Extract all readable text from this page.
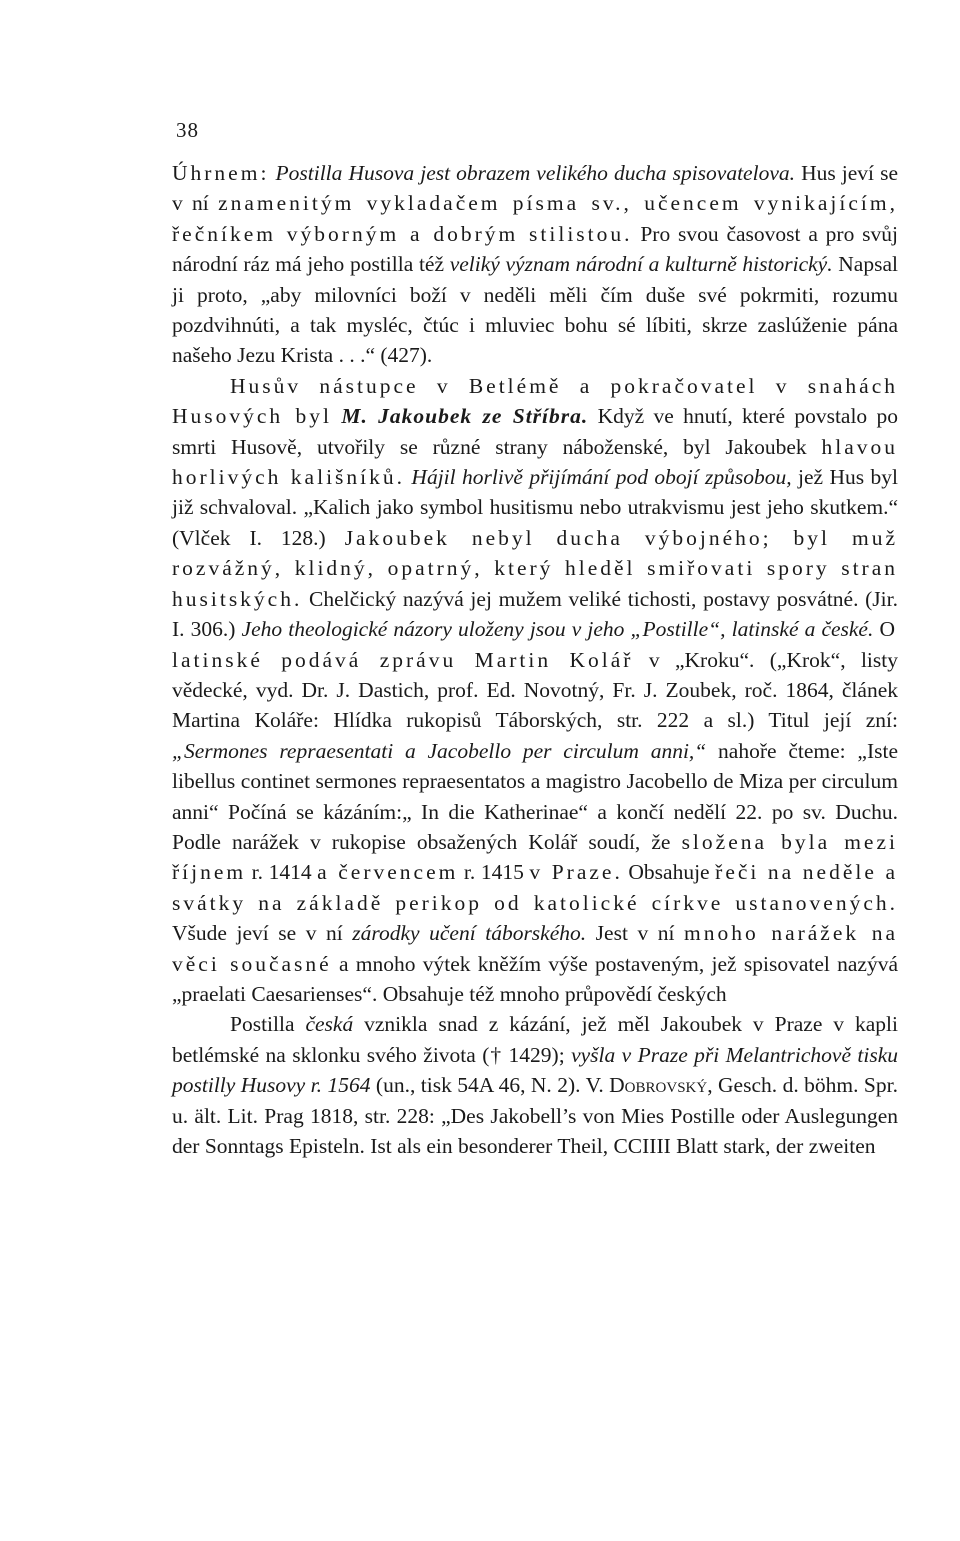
38

Úhrnem: Postilla Husova jest obrazem velikého ducha spisovatelova. Hus jeví se v ní znamenitým vykladačem písma sv., učencem vynikajícím, řečníkem výborným a dobrým stilistou. Pro svou časovost a pro svůj národní ráz má jeho postilla též veliký význam národní a kulturně historický. Napsal ji proto, „aby milovníci boží v neděli měli čím duše své pokrmiti, rozumu pozdvihnúti, a tak mysléc, čtúc i mluviec bohu sé líbiti, skrze zaslúženie pána našeho Jezu Krista . . .“ (427).

Husův nástupce v Betlémě a pokračovatel v snahách Husových byl M. Jakoubek ze Stříbra. Když ve hnutí, které povstalo po smrti Husově, utvořily se různé strany náboženské, byl Jakoubek hlavou horlivých kališníků. Hájil horlivě přijímání pod obojí způsobou, jež Hus byl již schvaloval. „Kalich jako symbol husitismu nebo utrakvismu jest jeho skutkem.“ (Vlček I. 128.) Jakoubek nebyl ducha výbojného; byl muž rozvážný, klidný, opatrný, který hleděl smiřovati spory stran husitských. Chelčický nazývá jej mužem veliké tichosti, postavy posvátné. (Jir. I. 306.) Jeho theologické názory uloženy jsou v jeho „Postille“, latinské a české. O latinské podává zprávu Martin Kolář v „Kroku“. („Krok“, listy vědecké, vyd. Dr. J. Dastich, prof. Ed. Novotný, Fr. J. Zoubek, roč. 1864, článek Martina Koláře: Hlídka rukopisů Táborských, str. 222 a sl.) Titul její zní: „Sermones repraesentati a Jacobello per circulum anni,“ nahoře čteme: „Iste libellus continet sermones repraesentatos a magistro Jacobello de Miza per circulum anni“ Počíná se kázáním:„ In die Katherinae“ a končí nedělí 22. po sv. Duchu. Podle narážek v rukopise obsažených Kolář soudí, že složena byla mezi říjnem r. 1414 a červencem r. 1415 v Praze. Obsahuje řeči na neděle a svátky na základě perikop od katolické církve ustanovených. Všude jeví se v ní zárodky učení táborského. Jest v ní mnoho narážek na věci současné a mnoho výtek kněžím výše postaveným, jež spisovatel nazývá „praelati Caesarienses“. Obsahuje též mnoho průpovědí českých

Postilla česká vznikla snad z kázání, jež měl Jakoubek v Praze v kapli betlémské na sklonku svého života († 1429); vyšla v Praze při Melantrichově tisku postilly Husovy r. 1564 (un., tisk 54A 46, N. 2). V. Dobrovský, Gesch. d. böhm. Spr. u. ält. Lit. Prag 1818, str. 228: „Des Jakobell’s von Mies Postille oder Auslegungen der Sonntags Episteln. Ist als ein besonderer Theil, CCIIII Blatt stark, der zweiten
